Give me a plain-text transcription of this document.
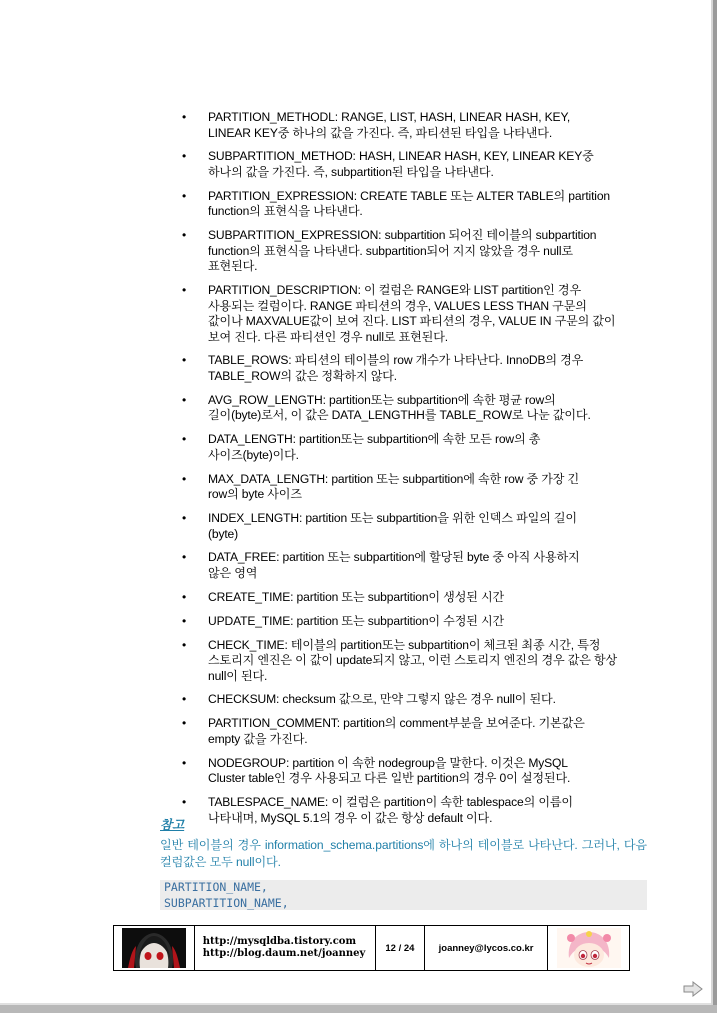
• PARTITION_METHODL: RANGE, LIST, HASH, LINEAR HASH, KEY,
LINEAR KEY중 하나의 값을 가진다. 즉, 파티션된 타입을 나타낸다.
• SUBPARTITION_METHOD: HASH, LINEAR HASH, KEY, LINEAR KEY중
하나의 값을 가진다. 즉, subpartition된 타입을 나타낸다.
• PARTITION_EXPRESSION: CREATE TABLE 또는 ALTER TABLE의 partition
function의 표현식을 나타낸다.
• SUBPARTITION_EXPRESSION: subpartition 되어진 테이블의 subpartition
function의 표현식을 나타낸다. subpartition되어 지지 않았을 경우 null로
표현된다.
• PARTITION_DESCRIPTION: 이 컬럼은 RANGE와 LIST partition인 경우
사용되는 컬럼이다. RANGE 파티션의 경우, VALUES LESS THAN 구문의
값이나 MAXVALUE값이 보여 진다. LIST 파티션의 경우, VALUE IN 구문의 값이
보여 진다. 다른 파티션인 경우 null로 표현된다.
• TABLE_ROWS: 파티션의 테이블의 row 개수가 나타난다. InnoDB의 경우
TABLE_ROW의 값은 정확하지 않다.
• AVG_ROW_LENGTH: partition또는 subpartition에 속한 평균 row의
길이(byte)로서, 이 값은 DATA_LENGTHH를 TABLE_ROW로 나눈 값이다.
• DATA_LENGTH: partition또는 subpartition에 속한 모든 row의 총
사이즈(byte)이다.
• MAX_DATA_LENGTH: partition 또는 subpartition에 속한 row 중 가장 긴
row의 byte 사이즈
• INDEX_LENGTH: partition 또는 subpartition을 위한 인덱스 파일의 길이
(byte)
• DATA_FREE: partition 또는 subpartition에 할당된 byte 중 아직 사용하지
않은 영역
• CREATE_TIME: partition 또는 subpartition이 생성된 시간
• UPDATE_TIME: partition 또는 subpartition이 수정된 시간
• CHECK_TIME: 테이블의 partition또는 subpartition이 체크된 최종 시간, 특정
스토리지 엔진은 이 값이 update되지 않고, 이런 스토리지 엔진의 경우 값은 항상
null이 된다.
• CHECKSUM: checksum 값으로, 만약 그렇지 않은 경우 null이 된다.
• PARTITION_COMMENT: partition의 comment부분을 보여준다. 기본값은
empty 값을 가진다.
• NODEGROUP: partition 이 속한 nodegroup을 말한다. 이것은 MySQL
Cluster table인 경우 사용되고 다른 일반 partition의 경우 0이 설정된다.
• TABLESPACE_NAME: 이 컬럼은 partition이 속한 tablespace의 이름이
나타내며, MySQL 5.1의 경우 이 값은 항상 default 이다.
참고
일반 테이블의 경우 information_schema.partitions에 하나의 테이블로 나타난다. 그러나, 다음 컬럼값은 모두 null이다.
PARTITION_NAME,
SUBPARTITION_NAME,
http://mysqldba.tistory.com
http://blog.daum.net/joanney 12 / 24	joanney@lycos.co.kr
